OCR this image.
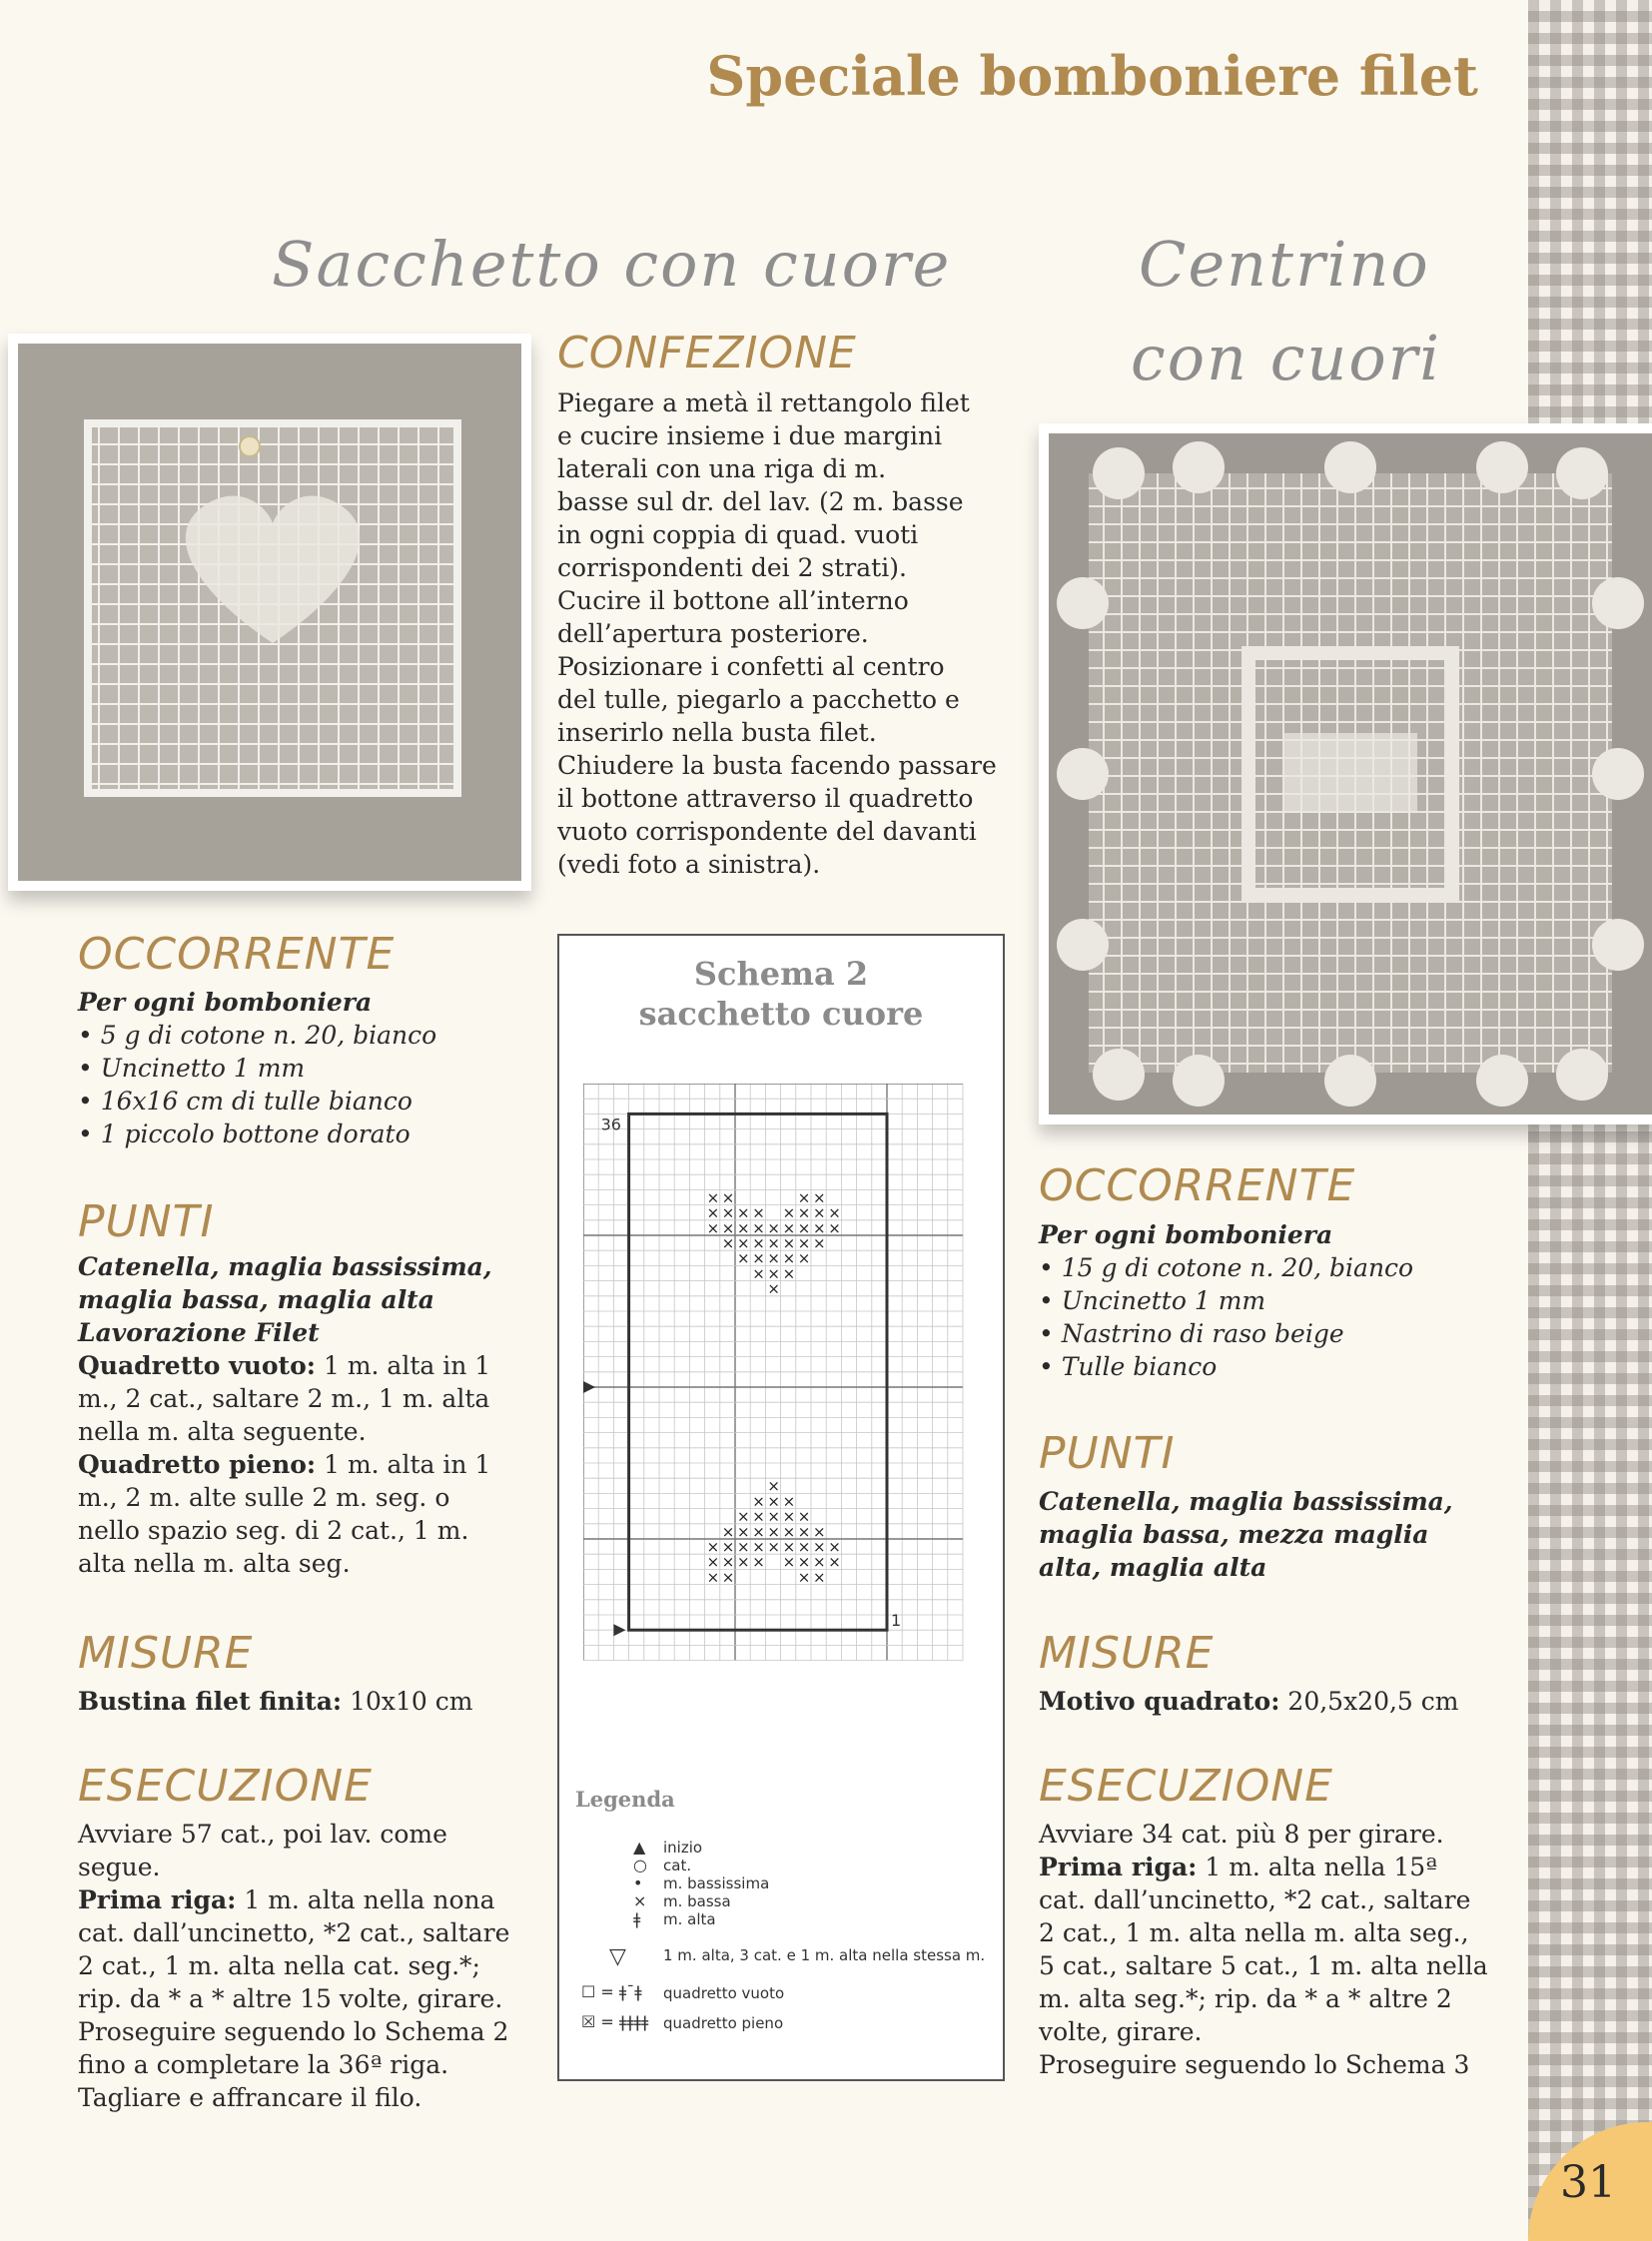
31
Speciale bomboniere filet
Sacchetto con cuore
OCCORRENTE

Per ogni bomboniera

• 5 g di cotone n. 20, bianco

• Uncinetto 1 mm

• 16x16 cm di tulle bianco

• 1 piccolo bottone dorato

PUNTI

Catenella, maglia bassissima, maglia bassa, maglia alta

Lavorazione Filet

Quadretto vuoto: 1 m. alta in 1 m., 2 cat., saltare 2 m., 1 m. alta nella m. alta seguente.

Quadretto pieno: 1 m. alta in 1 m., 2 m. alte sulle 2 m. seg. o nello spazio seg. di 2 cat., 1 m. alta nella m. alta seg.

MISURE

Bustina filet finita: 10x10 cm

ESECUZIONE

Avviare 57 cat., poi lav. come segue.

Prima riga: 1 m. alta nella nona cat. dall’uncinetto, *2 cat., saltare 2 cat., 1 m. alta nella cat. seg.*; rip. da * a * altre 15 volte, girare. Proseguire seguendo lo Schema 2 fino a completare la 36ª riga. Tagliare e affrancare il filo.

CONFEZIONE

Piegare a metà il rettangolo filet

e cucire insieme i due margini

laterali con una riga di m.

basse sul dr. del lav. (2 m. basse

in ogni coppia di quad. vuoti

corrispondenti dei 2 strati).

Cucire il bottone all’interno

dell’apertura posteriore.

Posizionare i confetti al centro

del tulle, piegarlo a pacchetto e

inserirlo nella busta filet.

Chiudere la busta facendo passare

il bottone attraverso il quadretto

vuoto corrispondente del davanti

(vedi foto a sinistra).

Schema 2
sacchetto cuore
36
1
× ×	× ×
× × × × × × × ×
× × × × × × × × ×
× × × × × × ×
× × × × ×
× × ×
×
×
× × ×
× × × × ×
× × × × × × ×
× × × × × × × × ×
× × × × × × × ×
× ×	× ×
Legenda
▲ inizio
○ cat.
• m. bassissima
× m. bassa
ǂ m. alta
▽ 1 m. alta, 3 cat. e 1 m. alta nella stessa m.
☐ = ǂ¯ǂ quadretto vuoto
☒ = ǂǂǂǂ quadretto pieno
Centrino
con cuori
OCCORRENTE

Per ogni bomboniera

• 15 g di cotone n. 20, bianco

• Uncinetto 1 mm

• Nastrino di raso beige

• Tulle bianco

PUNTI

Catenella, maglia bassissima, maglia bassa, mezza maglia alta, maglia alta

MISURE

Motivo quadrato: 20,5x20,5 cm

ESECUZIONE

Avviare 34 cat. più 8 per girare.

Prima riga: 1 m. alta nella 15ª cat. dall’uncinetto, *2 cat., saltare 2 cat., 1 m. alta nella m. alta seg., 5 cat., saltare 5 cat., 1 m. alta nella m. alta seg.*; rip. da * a * altre 2 volte, girare.

Proseguire seguendo lo Schema 3
